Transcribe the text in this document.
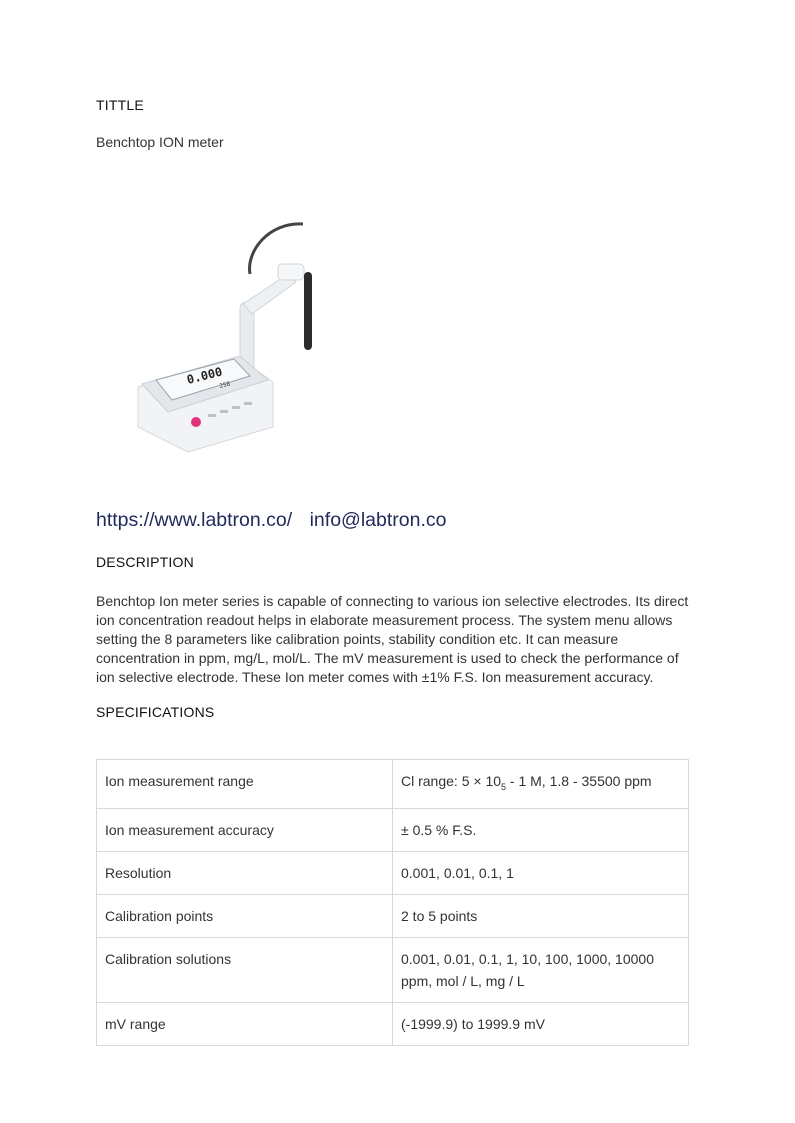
TITTLE
Benchtop ION meter
0.000
258
https://www.labtron.co/ info@labtron.co
DESCRIPTION
Benchtop Ion meter series is capable of connecting to various ion selective electrodes. Its direct ion concentration readout helps in elaborate measurement process. The system menu allows setting the 8 parameters like calibration points, stability condition etc. It can measure concentration in ppm, mg/L, mol/L. The mV measurement is used to check the performance of ion selective electrode. These Ion meter comes with ±1% F.S. Ion measurement accuracy.
SPECIFICATIONS
Ion measurement range	Cl range: $5 \times 10_5 - 1$ M, 1.8 - 35500 ppm
Ion measurement accuracy	± 0.5 % F.S.
Resolution	0.001, 0.01, 0.1, 1
Calibration points	2 to 5 points
Calibration solutions	0.001, 0.01, 0.1, 1, 10, 100, 1000, 10000 ppm, mol / L, mg / L
mV range	(-1999.9) to 1999.9 mV
